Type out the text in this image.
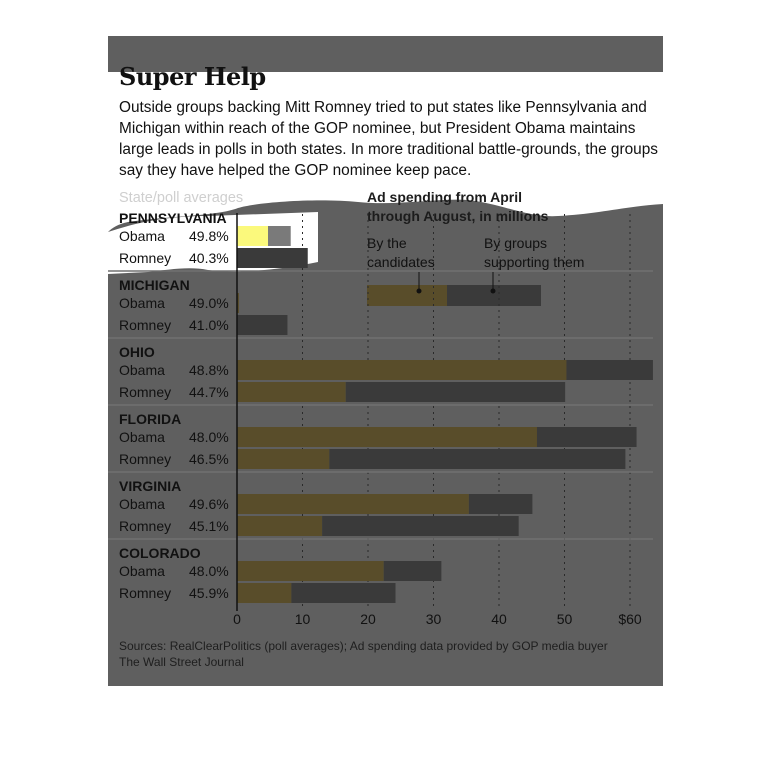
State/poll averages	Ad spending from April
through August, in millions
By the
candidates
By groups
supporting them
PENNSYLVANIA
Obama 49.8%
Romney 40.3%
MICHIGAN
Obama 49.0%
Romney 41.0%
OHIO
Obama 48.8%
Romney 44.7%
FLORIDA
Obama 48.0%
Romney 46.5%
VIRGINIA
Obama 49.6%
Romney 45.1%
COLORADO
Obama 48.0%
Romney 45.9%
0	10	20	30	40	50	$60
Super Help
Outside groups backing Mitt Romney tried to put states like Pennsylvania and Michigan within reach of the GOP nominee, but President Obama maintains large leads in polls in both states. In more traditional battle-grounds, the groups say they have helped the GOP nominee keep pace.
Sources: RealClearPolitics (poll averages); Ad spending data provided by GOP media buyer
The Wall Street Journal
